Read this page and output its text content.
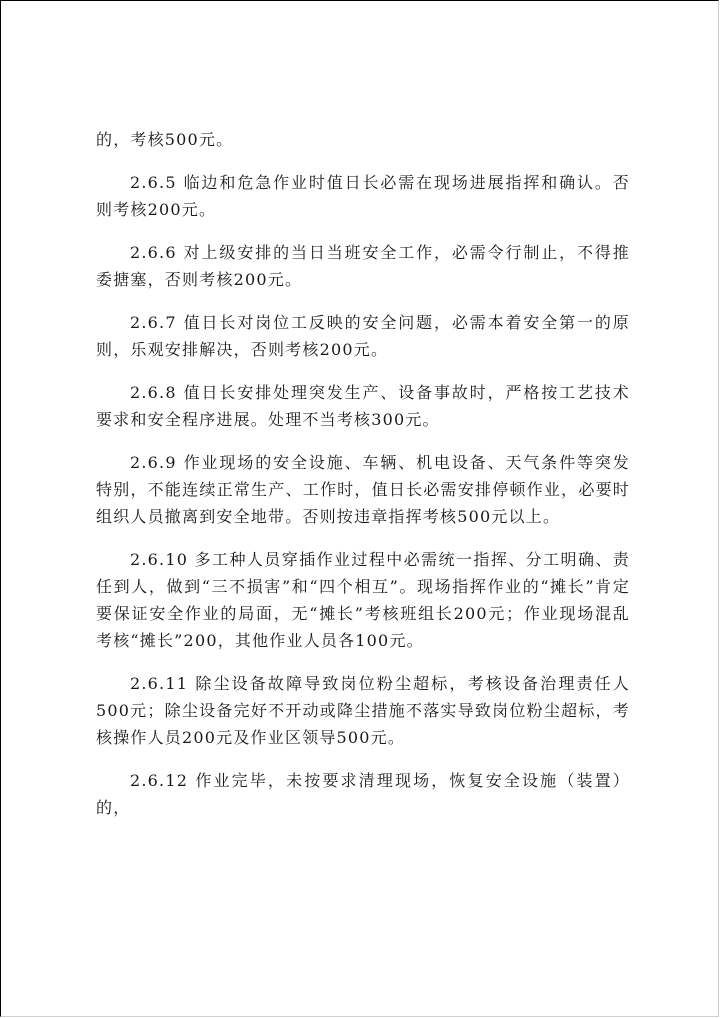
的，考核500元。

2.6.5 临边和危急作业时值日长必需在现场进展指挥和确认。否则考核200元。

2.6.6 对上级安排的当日当班安全工作，必需令行制止，不得推委搪塞，否则考核200元。

2.6.7 值日长对岗位工反映的安全问题，必需本着安全第一的原则，乐观安排解决，否则考核200元。

2.6.8 值日长安排处理突发生产、设备事故时，严格按工艺技术要求和安全程序进展。处理不当考核300元。

2.6.9 作业现场的安全设施、车辆、机电设备、天气条件等突发特别，不能连续正常生产、工作时，值日长必需安排停顿作业，必要时组织人员撤离到安全地带。否则按违章指挥考核500元以上。

2.6.10 多工种人员穿插作业过程中必需统一指挥、分工明确、责任到人，做到“三不损害”和“四个相互”。现场指挥作业的“摊长”肯定要保证安全作业的局面，无“摊长”考核班组长200元；作业现场混乱考核“摊长”200，其他作业人员各100元。

2.6.11 除尘设备故障导致岗位粉尘超标，考核设备治理责任人500元；除尘设备完好不开动或降尘措施不落实导致岗位粉尘超标，考核操作人员200元及作业区领导500元。

2.6.12 作业完毕，未按要求清理现场，恢复安全设施（装置）的，
